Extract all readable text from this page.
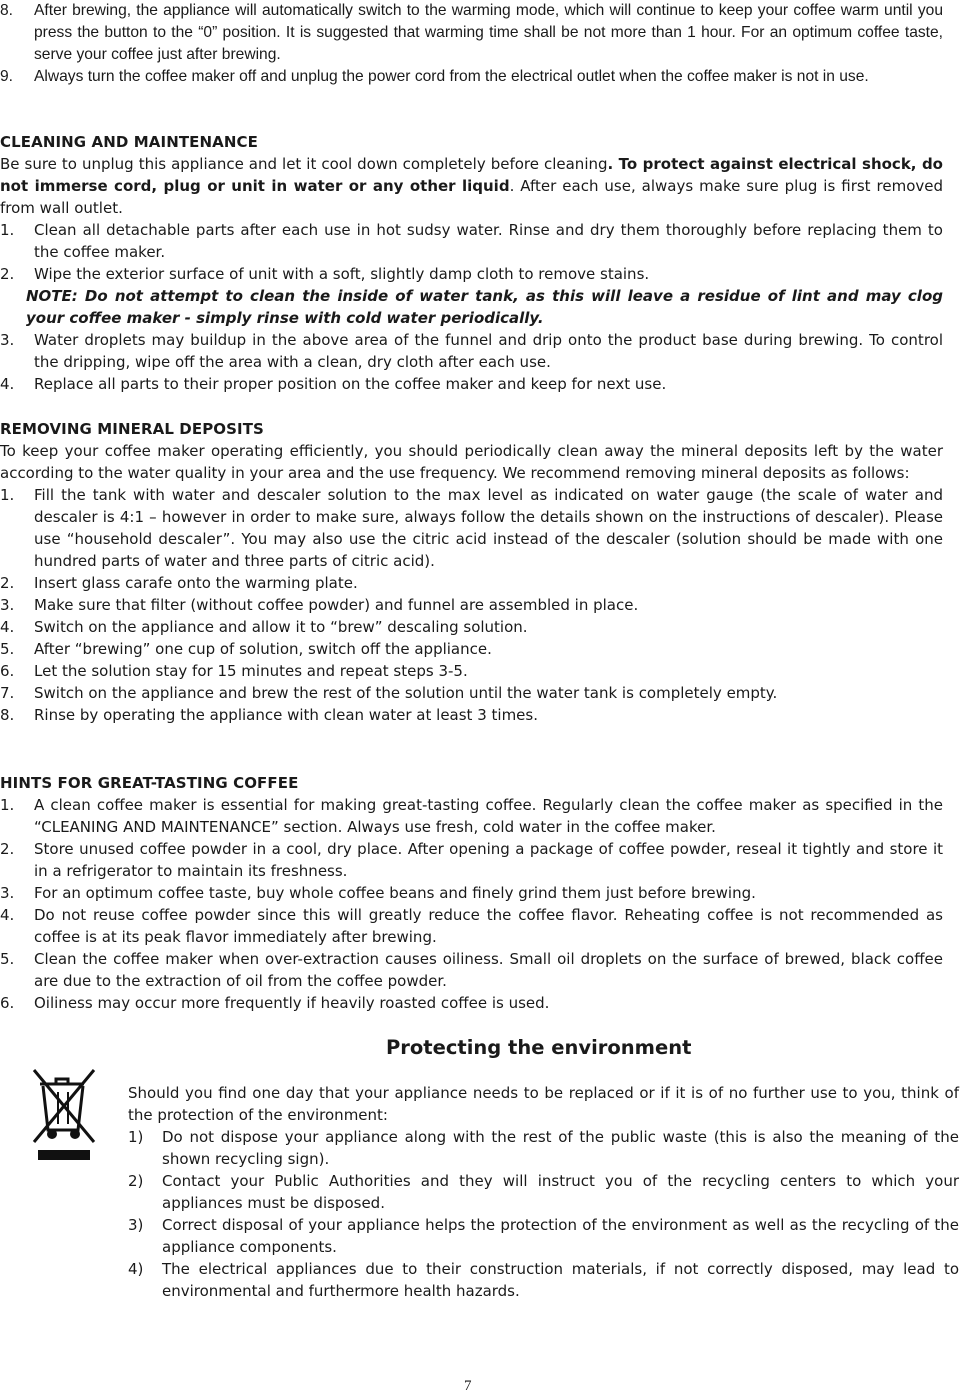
8. After brewing, the appliance will automatically switch to the warming mode, which will continue to keep your coffee warm until you press the button to the “0” position. It is suggested that warming time shall be not more than 1 hour. For an optimum coffee taste, serve your coffee just after brewing.
9. Always turn the coffee maker off and unplug the power cord from the electrical outlet when the coffee maker is not in use.
CLEANING AND MAINTENANCE

Be sure to unplug this appliance and let it cool down completely before cleaning. To protect against electrical shock, do not immerse cord, plug or unit in water or any other liquid. After each use, always make sure plug is first removed from wall outlet.

1. Clean all detachable parts after each use in hot sudsy water. Rinse and dry them thoroughly before replacing them to the coffee maker.
2. Wipe the exterior surface of unit with a soft, slightly damp cloth to remove stains.
NOTE: Do not attempt to clean the inside of water tank, as this will leave a residue of lint and may clog your coffee maker - simply rinse with cold water periodically.
3. Water droplets may buildup in the above area of the funnel and drip onto the product base during brewing. To control the dripping, wipe off the area with a clean, dry cloth after each use.
4. Replace all parts to their proper position on the coffee maker and keep for next use.
REMOVING MINERAL DEPOSITS

To keep your coffee maker operating efficiently, you should periodically clean away the mineral deposits left by the water according to the water quality in your area and the use frequency. We recommend removing mineral deposits as follows:

1. Fill the tank with water and descaler solution to the max level as indicated on water gauge (the scale of water and descaler is 4:1 – however in order to make sure, always follow the details shown on the instructions of descaler). Please use “household descaler”. You may also use the citric acid instead of the descaler (solution should be made with one hundred parts of water and three parts of citric acid).
2. Insert glass carafe onto the warming plate.
3. Make sure that filter (without coffee powder) and funnel are assembled in place.
4. Switch on the appliance and allow it to “brew” descaling solution.
5. After “brewing” one cup of solution, switch off the appliance.
6. Let the solution stay for 15 minutes and repeat steps 3-5.
7. Switch on the appliance and brew the rest of the solution until the water tank is completely empty.
8. Rinse by operating the appliance with clean water at least 3 times.
HINTS FOR GREAT-TASTING COFFEE
1. A clean coffee maker is essential for making great-tasting coffee. Regularly clean the coffee maker as specified in the “CLEANING AND MAINTENANCE” section. Always use fresh, cold water in the coffee maker.
2. Store unused coffee powder in a cool, dry place. After opening a package of coffee powder, reseal it tightly and store it in a refrigerator to maintain its freshness.
3. For an optimum coffee taste, buy whole coffee beans and finely grind them just before brewing.
4. Do not reuse coffee powder since this will greatly reduce the coffee flavor. Reheating coffee is not recommended as coffee is at its peak flavor immediately after brewing.
5. Clean the coffee maker when over-extraction causes oiliness. Small oil droplets on the surface of brewed, black coffee are due to the extraction of oil from the coffee powder.
6. Oiliness may occur more frequently if heavily roasted coffee is used.
Protecting the environment

Should you find one day that your appliance needs to be replaced or if it is of no further use to you, think of the protection of the environment:

1) Do not dispose your appliance along with the rest of the public waste (this is also the meaning of the shown recycling sign).
2) Contact your Public Authorities and they will instruct you of the recycling centers to which your appliances must be disposed.
3) Correct disposal of your appliance helps the protection of the environment as well as the recycling of the appliance components.
4) The electrical appliances due to their construction materials, if not correctly disposed, may lead to environmental and furthermore health hazards.
7
